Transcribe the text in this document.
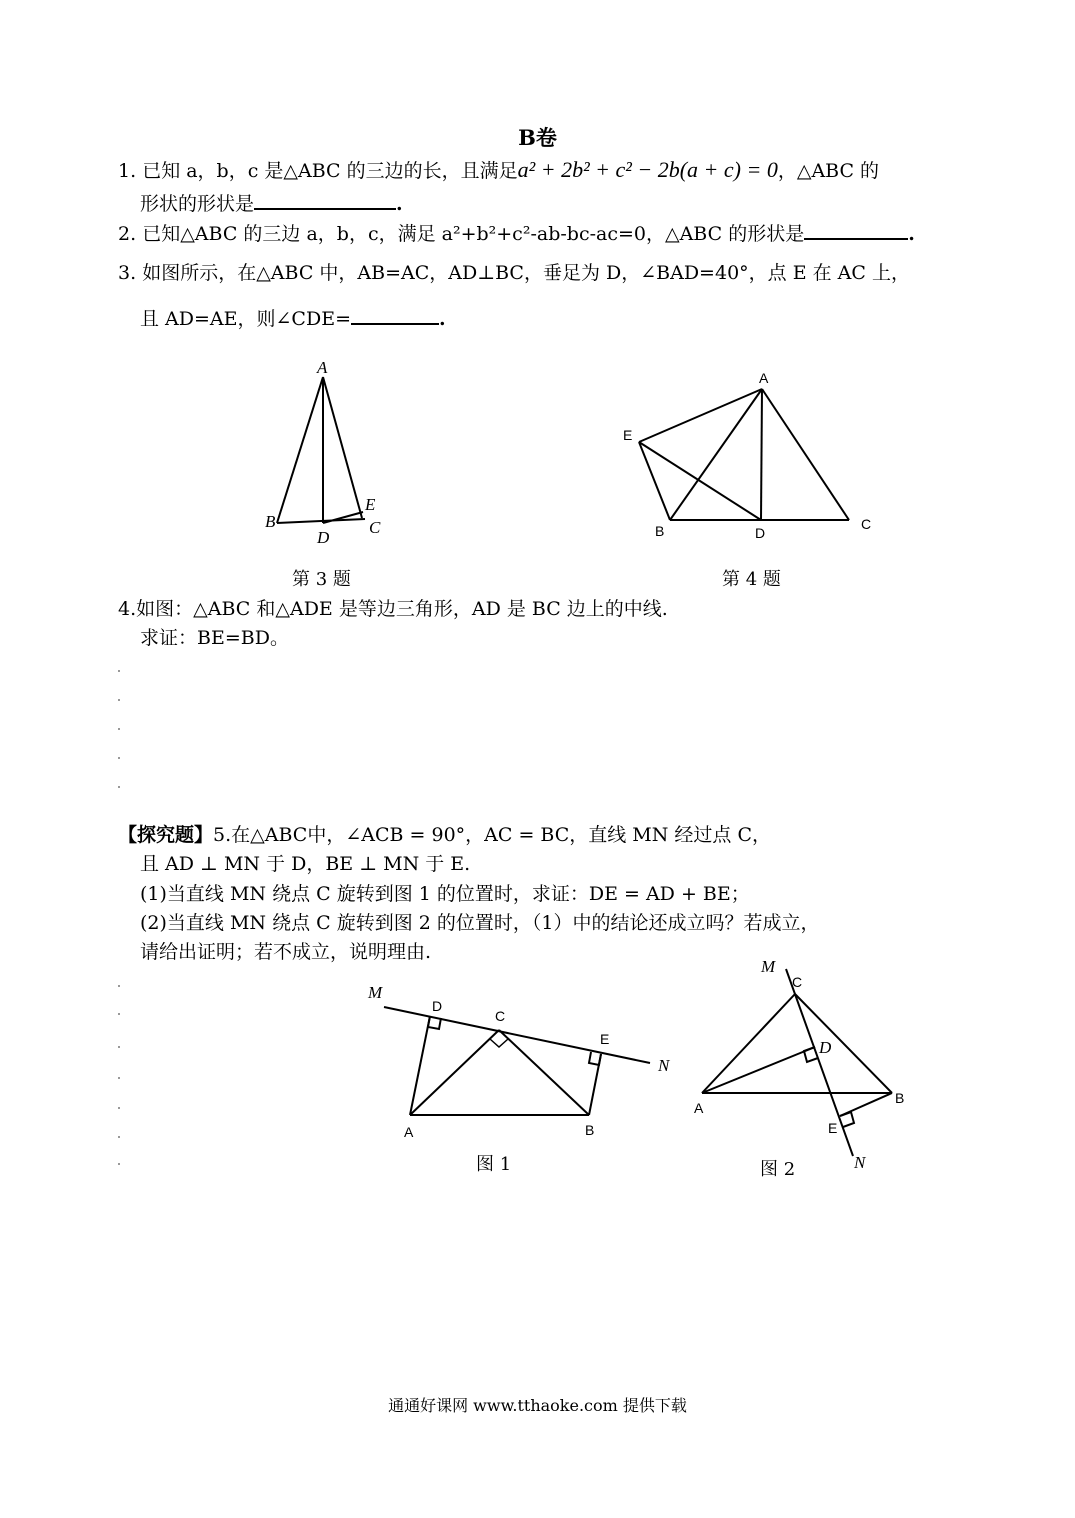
B卷
1. 已知 a，b，c 是△ABC 的三边的长，且满足a² + 2b² + c² − 2b(a + c) = 0，△ABC 的
形状的形状是	.
2. 已知△ABC 的三边 a，b，c，满足 a²+b²+c²-ab-bc-ac=0，△ABC 的形状是	.
3. 如图所示，在△ABC 中，AB=AC，AD⊥BC，垂足为 D，∠BAD=40°，点 E 在 AC 上，
且 AD=AE，则∠CDE=	.
A
B	C
D
E
第 3 题
A
B	C
D
E
第 4 题
4.如图：△ABC 和△ADE 是等边三角形，AD 是 BC 边上的中线.
求证：BE=BD。
【探究题】5.在△ABC中，∠ACB = 90°，AC = BC，直线 MN 经过点 C，
且 AD ⊥ MN 于 D，BE ⊥ MN 于 E.
(1)当直线 MN 绕点 C 旋转到图 1 的位置时，求证：DE = AD + BE；
(2)当直线 MN 绕点 C 旋转到图 2 的位置时，（1）中的结论还成立吗？若成立，
请给出证明；若不成立，说明理由.
M
N
D
C
E
A	B
图 1
M
C
D
A
B
E
N
图 2
通通好课网 www.tthaoke.com 提供下载
